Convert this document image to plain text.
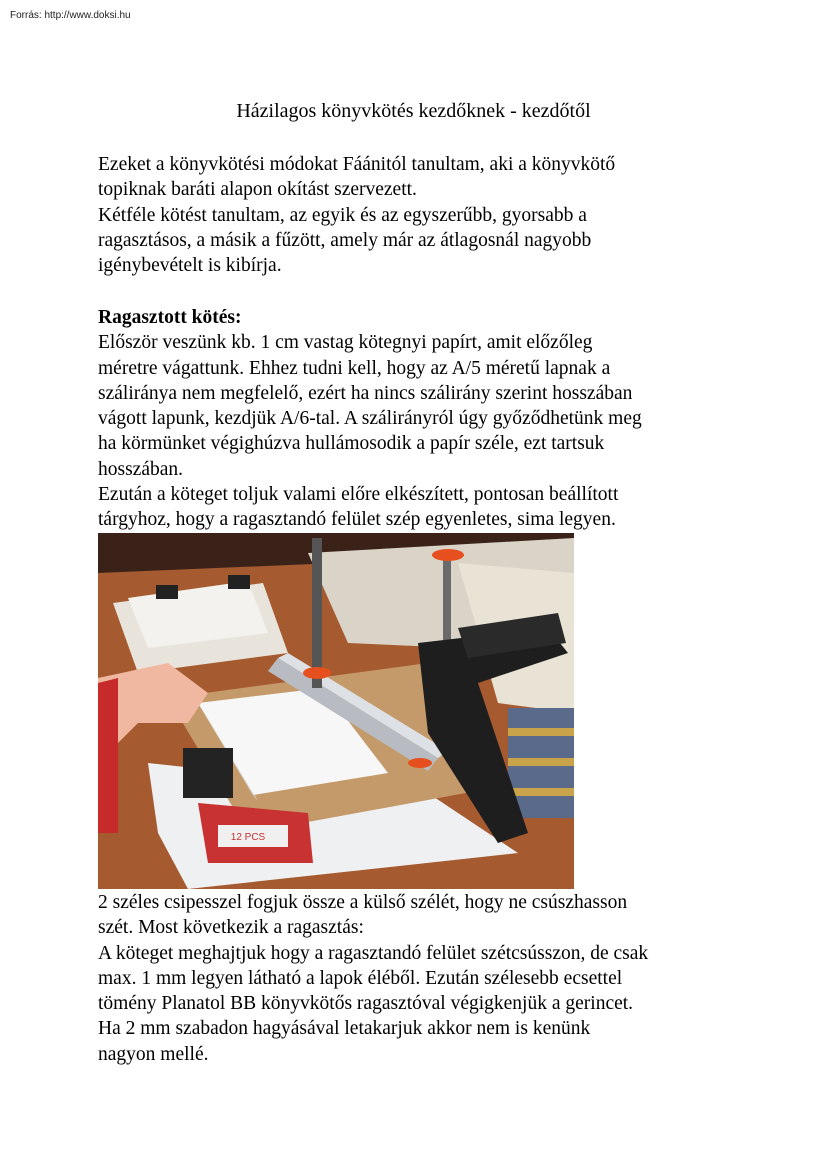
Forrás: http://www.doksi.hu
Házilagos könyvkötés kezdőknek - kezdőtől

Ezeket a könyvkötési módokat Fáánitól tanultam, aki a könyvkötő

topiknak baráti alapon okítást szervezett.

Kétféle kötést tanultam, az egyik és az egyszerűbb, gyorsabb a

ragasztásos, a másik a fűzött, amely már az átlagosnál nagyobb

igénybevételt is kibírja.

Ragasztott kötés:

Először veszünk kb. 1 cm vastag kötegnyi papírt, amit előzőleg

méretre vágattunk. Ehhez tudni kell, hogy az A/5 méretű lapnak a

száliránya nem megfelelő, ezért ha nincs szálirány szerint hosszában

vágott lapunk, kezdjük A/6-tal. A szálirányról úgy győződhetünk meg

ha körmünket végighúzva hullámosodik a papír széle, ezt tartsuk

hosszában.

Ezután a köteget toljuk valami előre elkészített, pontosan beállított

tárgyhoz, hogy a ragasztandó felület szép egyenletes, sima legyen.

12 PCS

2 széles csipesszel fogjuk össze a külső szélét, hogy ne csúszhasson

szét. Most következik a ragasztás:

A köteget meghajtjuk hogy a ragasztandó felület szétcsússzon, de csak

max. 1 mm legyen látható a lapok éléből. Ezután szélesebb ecsettel

tömény Planatol BB könyvkötős ragasztóval végigkenjük a gerincet.

Ha 2 mm szabadon hagyásával letakarjuk akkor nem is kenünk

nagyon mellé.
